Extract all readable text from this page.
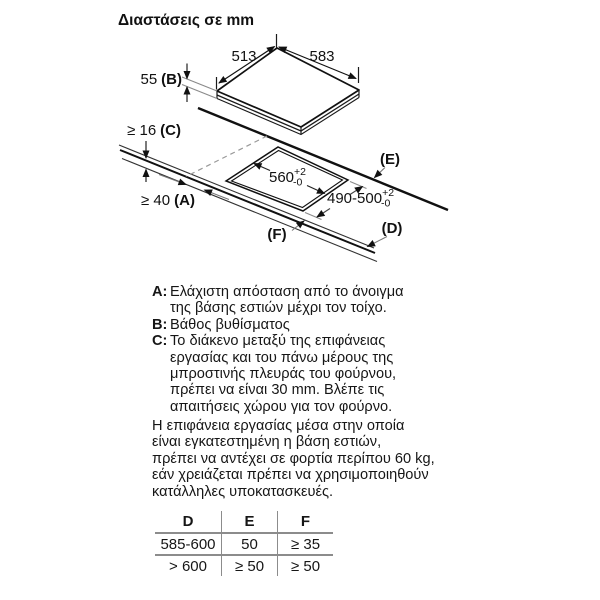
Διαστάσεις σε mm
513	583
55 (B)
≥ 16 (C)
≥ 40 (A)
$560^{+2}$ -0
$490-500^{+2}$ -0
(E)
(D)
(F)
A: Ελάχιστη απόσταση από το άνοιγμα
της βάσης εστιών μέχρι τον τοίχο.
B: Βάθος βυθίσματος
C: Το διάκενο μεταξύ της επιφάνειας
εργασίας και του πάνω μέρους της
μπροστινής πλευράς του φούρνου,
πρέπει να είναι 30 mm. Βλέπε τις
απαιτήσεις χώρου για τον φούρνο.
Η επιφάνεια εργασίας μέσα στην οποία
είναι εγκατεστημένη η βάση εστιών,
πρέπει να αντέχει σε φορτία περίπου 60 kg,
εάν χρειάζεται πρέπει να χρησιμοποιηθούν
κατάλληλες υποκατασκευές.
D	E	F
585-600	50	≥ 35
> 600	≥ 50	≥ 50
